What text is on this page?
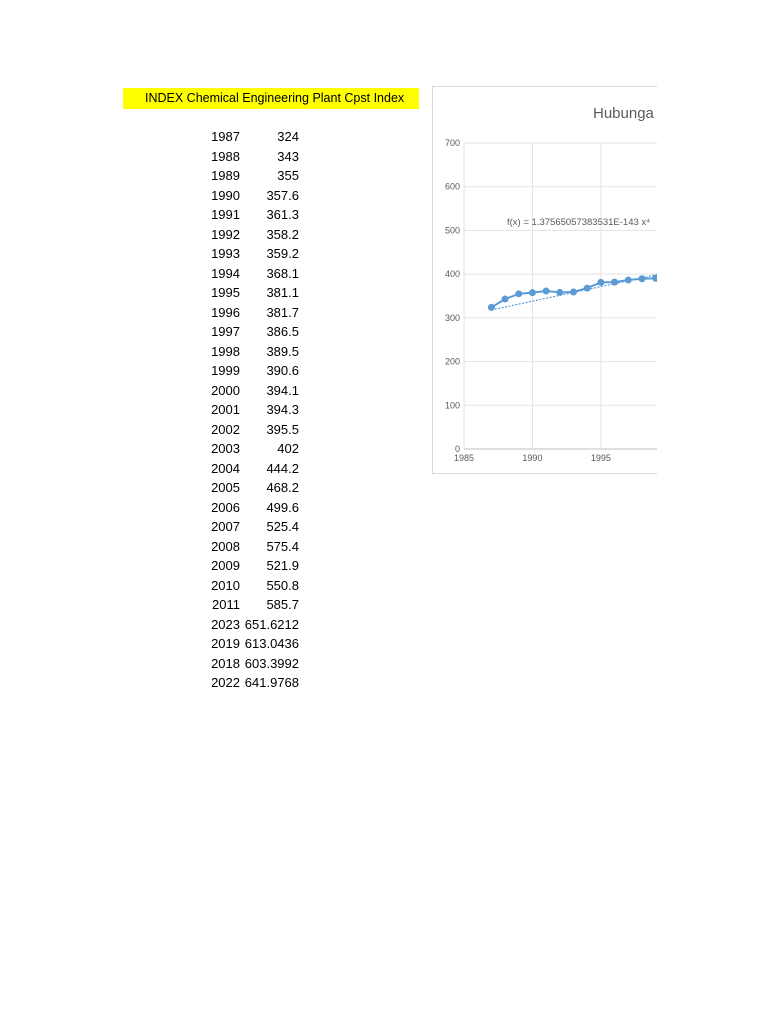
INDEX Chemical Engineering Plant Cpst Index
1987	324
1988	343
1989	355
1990 357.6
1991 361.3
1992 358.2
1993 359.2
1994 368.1
1995 381.1
1996 381.7
1997 386.5
1998 389.5
1999 390.6
2000 394.1
2001 394.3
2002 395.5
2003	402
2004 444.2
2005 468.2
2006 499.6
2007 525.4
2008 575.4
2009 521.9
2010 550.8
2011 585.7
2023 651.6212
2019 613.0436
2018 603.3992
2022 641.9768
Hubunga
700
600
500
400
300
200
100
0
1985	1990	1995
f(x) = 1.37565057383531E-143 x⁴
